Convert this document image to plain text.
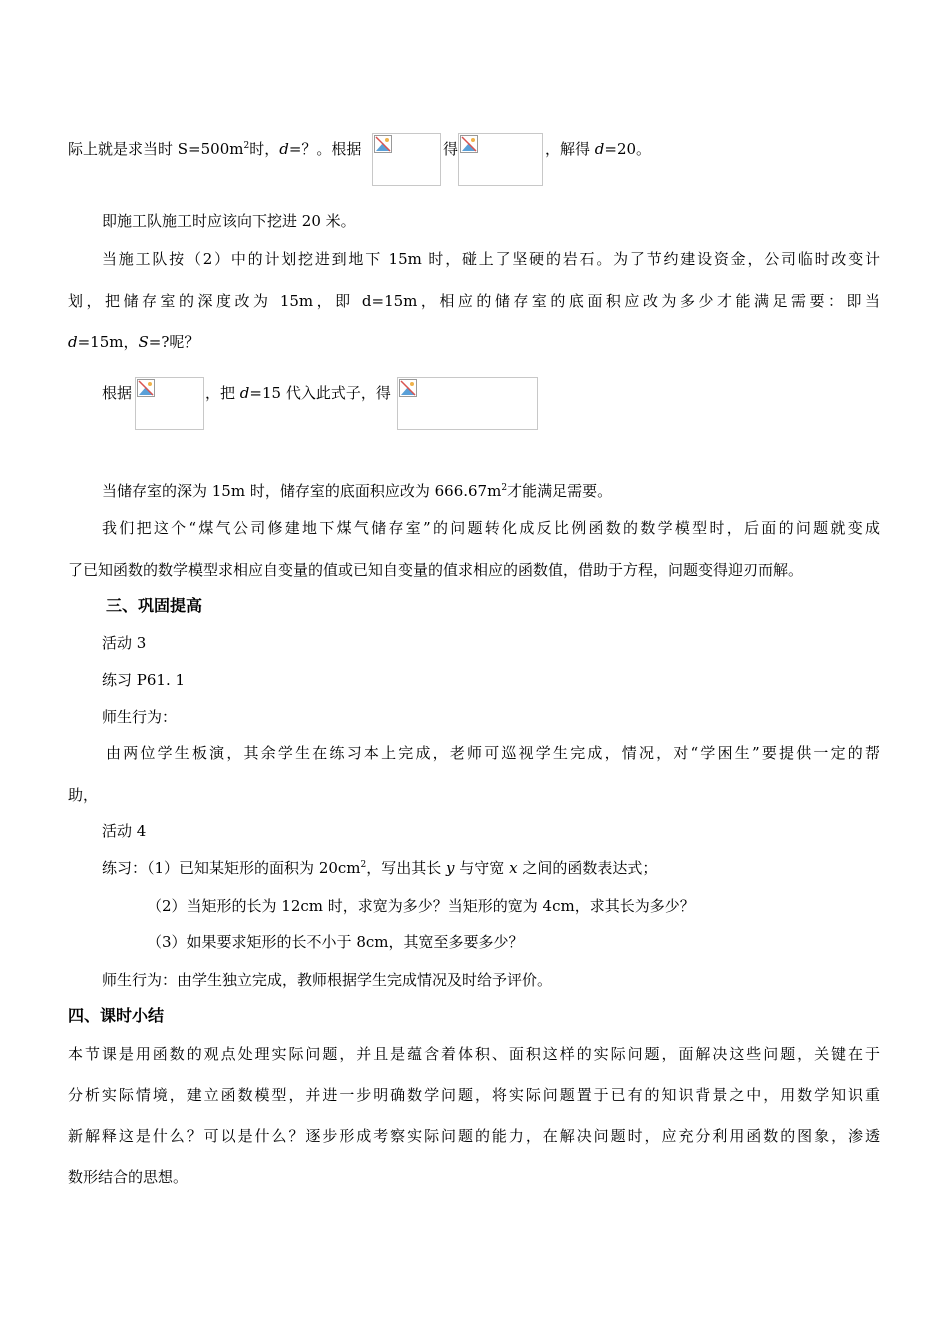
际上就是求当时 $S=500m^2$时，d=？。根据	得	，解得 d=20。
即施工队施工时应该向下挖进 20 米。
当施工队按（2）中的计划挖进到地下 15m 时，碰上了坚硬的岩石。为了节约建设资金，公司临时改变计
划，把储存室的深度改为 15m，即 d=15m，相应的储存室的底面积应改为多少才能满足需要：即当
d=15m，S=?呢？
根据	，把 d=15 代入此式子，得
当储存室的深为 15m 时，储存室的底面积应改为 $666.67m^2$才能满足需要。
我们把这个“煤气公司修建地下煤气储存室”的问题转化成反比例函数的数学模型时，后面的问题就变成
了已知函数的数学模型求相应自变量的值或已知自变量的值求相应的函数值，借助于方程，问题变得迎刃而解。
三、巩固提高
活动 3
练习 P61. 1
师生行为：
由两位学生板演，其余学生在练习本上完成，老师可巡视学生完成，情况，对“学困生”要提供一定的帮
助，
活动 4
练习：（1）已知某矩形的面积为 $20cm^2$，写出其长 y 与守宽 x 之间的函数表达式；
（2）当矩形的长为 12cm 时，求宽为多少？当矩形的宽为 4cm，求其长为多少？
（3）如果要求矩形的长不小于 8cm，其宽至多要多少？
师生行为：由学生独立完成，教师根据学生完成情况及时给予评价。
四、课时小结
本节课是用函数的观点处理实际问题，并且是蕴含着体积、面积这样的实际问题，面解决这些问题，关键在于
分析实际情境，建立函数模型，并进一步明确数学问题，将实际问题置于已有的知识背景之中，用数学知识重
新解释这是什么？可以是什么？逐步形成考察实际问题的能力，在解决问题时，应充分利用函数的图象，渗透
数形结合的思想。
